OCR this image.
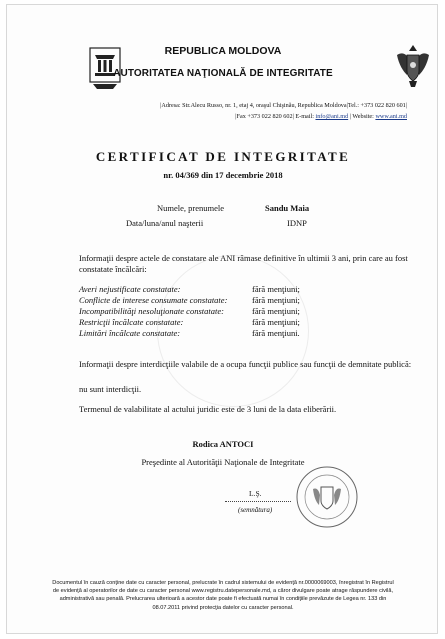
REPUBLICA MOLDOVA
AUTORITATEA NAŢIONALĂ DE INTEGRITATE
|Adresa: Str.Alecu Russo, nr. 1, etaj 4, oraşul Chişinău, Republica Moldova|Tel.: +373 022 820 601|
|Fax +373 022 820 602| E-mail: info@ani.md | Website: www.ani.md
CERTIFICAT DE INTEGRITATE
nr. 04/369 din 17 decembrie 2018
Numele, prenumele	Sandu Maia
Data/luna/anul naşterii	IDNP
Informaţii despre actele de constatare ale ANI rămase definitive în ultimii 3 ani, prin care au fost constatate încălcări:
Averi nejustificate constatate:	fără menţiuni;
Conflicte de interese consumate constatate:	fără menţiuni;
Incompatibilităţi nesoluţionate constatate:	fără menţiuni;
Restricţii încălcate constatate:	fără menţiuni;
Limitări încălcate constatate:	fără menţiuni.
Informaţii despre interdicţiile valabile de a ocupa funcţii publice sau funcţii de demnitate publică:
nu sunt interdicţii.
Termenul de valabilitate al actului juridic este de 3 luni de la data eliberării.
Rodica ANTOCI
Preşedinte al Autorităţii Naţionale de Integritate
L.Ş.
(semnătura)
Documentul în cauză conţine date cu caracter personal, prelucrate în cadrul sistemului de evidenţă nr.0000069003, înregistrat în Registrul de evidenţă al operatorilor de date cu caracter personal www.registru.datepersonale.md, a căror divulgare poate atrage răspundere civilă, administrativă sau penală. Prelucrarea ulterioară a acestor date poate fi efectuată numai în condiţiile prevăzute de Legea nr. 133 din 08.07.2011 privind protecţia datelor cu caracter personal.
